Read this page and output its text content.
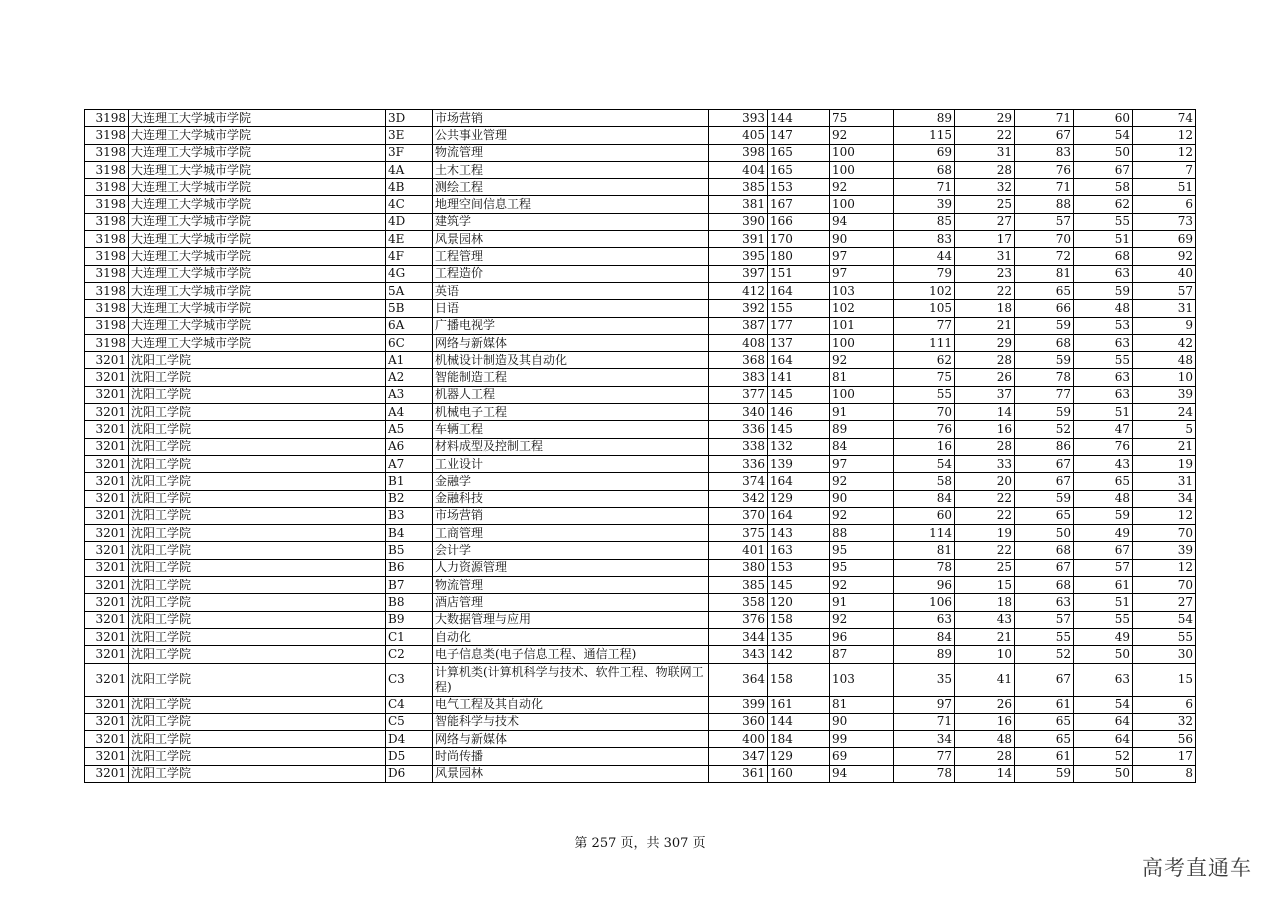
3198	大连理工大学城市学院	3D	市场营销	393	144	75	89	29	71	60	74
3198	大连理工大学城市学院	3E	公共事业管理	405	147	92	115	22	67	54	12
3198	大连理工大学城市学院	3F	物流管理	398	165	100	69	31	83	50	12
3198	大连理工大学城市学院	4A	土木工程	404	165	100	68	28	76	67	7
3198	大连理工大学城市学院	4B	测绘工程	385	153	92	71	32	71	58	51
3198	大连理工大学城市学院	4C	地理空间信息工程	381	167	100	39	25	88	62	6
3198	大连理工大学城市学院	4D	建筑学	390	166	94	85	27	57	55	73
3198	大连理工大学城市学院	4E	风景园林	391	170	90	83	17	70	51	69
3198	大连理工大学城市学院	4F	工程管理	395	180	97	44	31	72	68	92
3198	大连理工大学城市学院	4G	工程造价	397	151	97	79	23	81	63	40
3198	大连理工大学城市学院	5A	英语	412	164	103	102	22	65	59	57
3198	大连理工大学城市学院	5B	日语	392	155	102	105	18	66	48	31
3198	大连理工大学城市学院	6A	广播电视学	387	177	101	77	21	59	53	9
3198	大连理工大学城市学院	6C	网络与新媒体	408	137	100	111	29	68	63	42
3201	沈阳工学院	A1	机械设计制造及其自动化	368	164	92	62	28	59	55	48
3201	沈阳工学院	A2	智能制造工程	383	141	81	75	26	78	63	10
3201	沈阳工学院	A3	机器人工程	377	145	100	55	37	77	63	39
3201	沈阳工学院	A4	机械电子工程	340	146	91	70	14	59	51	24
3201	沈阳工学院	A5	车辆工程	336	145	89	76	16	52	47	5
3201	沈阳工学院	A6	材料成型及控制工程	338	132	84	16	28	86	76	21
3201	沈阳工学院	A7	工业设计	336	139	97	54	33	67	43	19
3201	沈阳工学院	B1	金融学	374	164	92	58	20	67	65	31
3201	沈阳工学院	B2	金融科技	342	129	90	84	22	59	48	34
3201	沈阳工学院	B3	市场营销	370	164	92	60	22	65	59	12
3201	沈阳工学院	B4	工商管理	375	143	88	114	19	50	49	70
3201	沈阳工学院	B5	会计学	401	163	95	81	22	68	67	39
3201	沈阳工学院	B6	人力资源管理	380	153	95	78	25	67	57	12
3201	沈阳工学院	B7	物流管理	385	145	92	96	15	68	61	70
3201	沈阳工学院	B8	酒店管理	358	120	91	106	18	63	51	27
3201	沈阳工学院	B9	大数据管理与应用	376	158	92	63	43	57	55	54
3201	沈阳工学院	C1	自动化	344	135	96	84	21	55	49	55
3201	沈阳工学院	C2	电子信息类(电子信息工程、通信工程)	343	142	87	89	10	52	50	30
3201	沈阳工学院	C3	计算机类(计算机科学与技术、软件工程、物联网工程)	364	158	103	35	41	67	63	15
3201	沈阳工学院	C4	电气工程及其自动化	399	161	81	97	26	61	54	6
3201	沈阳工学院	C5	智能科学与技术	360	144	90	71	16	65	64	32
3201	沈阳工学院	D4	网络与新媒体	400	184	99	34	48	65	64	56
3201	沈阳工学院	D5	时尚传播	347	129	69	77	28	61	52	17
3201	沈阳工学院	D6	风景园林	361	160	94	78	14	59	50	8
第 257 页，共 307 页
高考直通车
